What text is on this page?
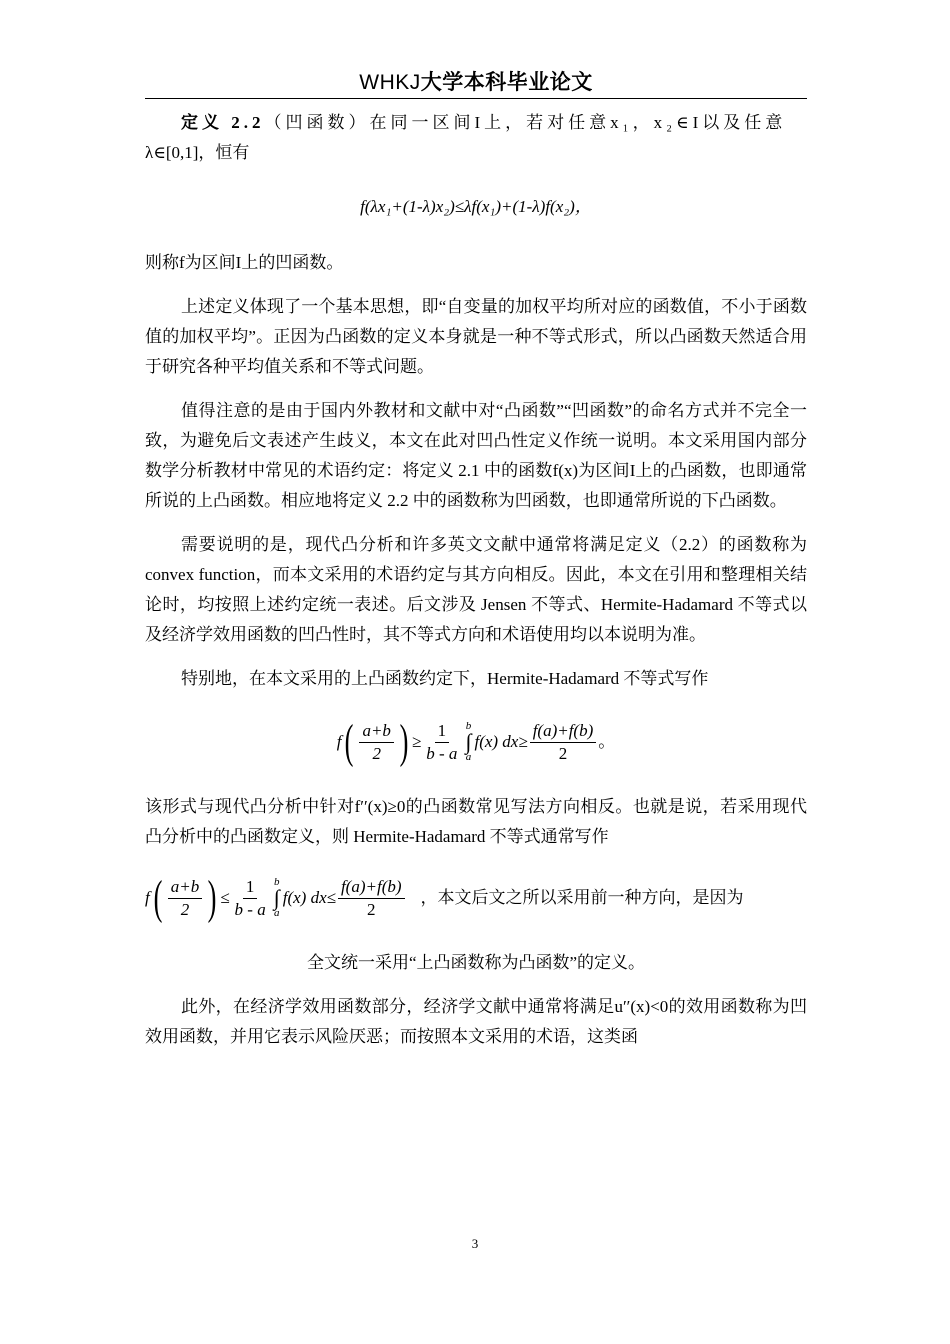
WHKJ大学本科毕业论文

定义 2.2（凹函数）在同一区间I上，若对任意x₁，x₂∈I以及任意

λ∈[0,1]，恒有

f(λx₁+(1-λ)x₂)≤λf(x₁)+(1-λ)f(x₂)，

则称f为区间I上的凹函数。

上述定义体现了一个基本思想，即“自变量的加权平均所对应的函数值，不小于函数值的加权平均”。正因为凸函数的定义本身就是一种不等式形式，所以凸函数天然适合用于研究各种平均值关系和不等式问题。

值得注意的是由于国内外教材和文献中对“凸函数”“凹函数”的命名方式并不完全一致，为避免后文表述产生歧义，本文在此对凹凸性定义作统一说明。本文采用国内部分数学分析教材中常见的术语约定：将定义 2.1 中的函数f(x)为区间I上的凸函数，也即通常所说的上凸函数。相应地将定义 2.2 中的函数称为凹函数，也即通常所说的下凸函数。

需要说明的是，现代凸分析和许多英文文献中通常将满足定义（2.2）的函数称为 convex function，而本文采用的术语约定与其方向相反。因此，本文在引用和整理相关结论时，均按照上述约定统一表述。后文涉及 Jensen 不等式、Hermite-Hadamard 不等式以及经济学效用函数的凹凸性时，其不等式方向和术语使用均以本说明为准。

特别地，在本文采用的上凸函数约定下，Hermite-Hadamard 不等式写作

f ( $\frac{a+b}{2}$ ) ≥ $\frac{1}{b - a}$ b
∫
a
f(x) $dx\ge \frac{f(a)+f(b)}{2}$ 。

该形式与现代凸分析中针对f′′(x)≥0的凸函数常见写法方向相反。也就是说，若采用现代凸分析中的凸函数定义，则 Hermite-Hadamard 不等式通常写作

f ( $\frac{a+b}{2}$ ) ≤ $\frac{1}{b - a}$ b
∫
a
f(x) $dx\le \frac{f(a)+f(b)}{2}$ ，本文后文之所以采用前一种方向，是因为
全文统一采用“上凸函数称为凸函数”的定义。

此外，在经济学效用函数部分，经济学文献中通常将满足u′′(x)<0的效用函数称为凹效用函数，并用它表示风险厌恶；而按照本文采用的术语，这类函

3
